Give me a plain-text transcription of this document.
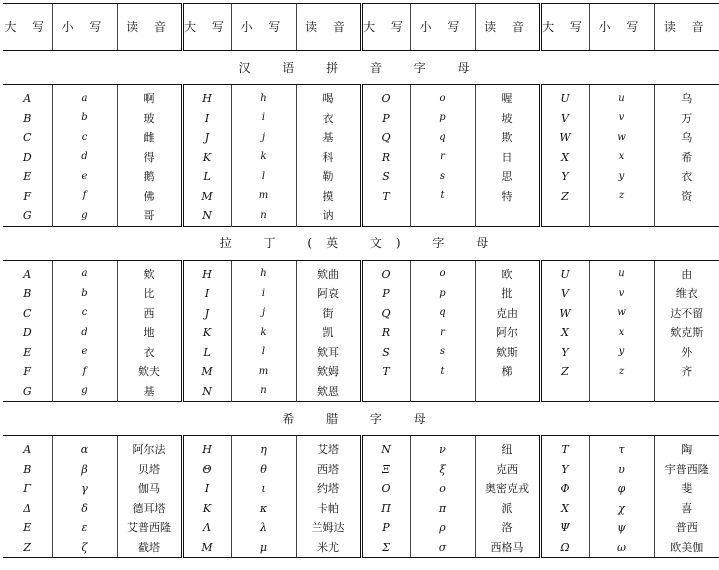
大 写	小 写	读 音	大 写	小 写	读 音	大 写	小 写	读 音	大 写	小 写	读 音
汉 语 拼 音 字 母											
A	a	啊	H	h	喝	O	o	喔	U	u	乌
B	b	玻	I	i	衣	P	p	坡	V	v	万
C	c	雌	J	j	基	Q	q	欺	W	w	乌
D	d	得	K	k	科	R	r	日	X	x	希
E	e	鹅	L	l	勒	S	s	思	Y	y	衣
F	f	佛	M	m	摸	T	t	特	Z	z	资
G	g	哥	N	n	讷						
拉 丁 (英 文) 字 母											
A	a	欸	H	h	欸曲	O	o	欧	U	u	由
B	b	比	I	i	阿哀	P	p	批	V	v	维衣
C	c	西	J	j	街	Q	q	克由	W	w	达不留
D	d	地	K	k	凯	R	r	阿尔	X	x	欸克斯
E	e	衣	L	l	欸耳	S	s	欸斯	Y	y	外
F	f	欸夫	M	m	欸姆	T	t	梯	Z	z	齐
G	g	基	N	n	欸恩						
希 腊 字 母											
A	α	阿尔法	H	η	艾塔	N	ν	纽	T	τ	陶
B	β	贝塔	Θ	θ	西塔	Ξ	ξ	克西	Υ	υ	宇普西隆
Γ	γ	伽马	I	ι	约塔	O	o	奥密克戎	Φ	φ	斐
Δ	δ	德耳塔	K	κ	卡帕	Π	π	派	X	χ	喜
E	ε	艾普西隆	Λ	λ	兰姆达	P	ρ	洛	Ψ	ψ	普西
Z	ζ	截塔	M	μ	米尤	Σ	σ	西格马	Ω	ω	欧美伽
